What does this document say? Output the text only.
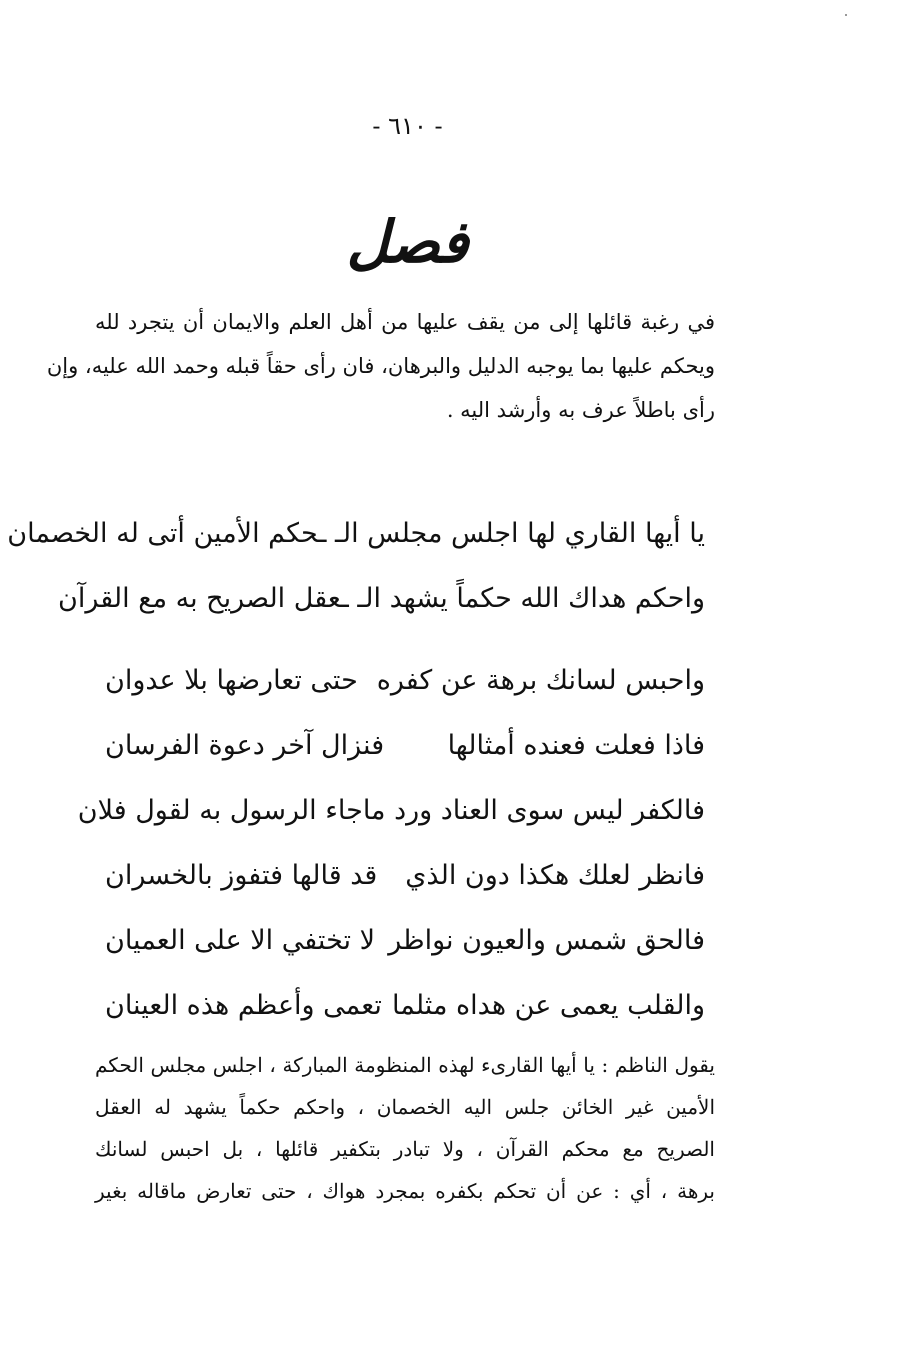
- ٦١٠ -
فصل
في رغبة قائلها إلى من يقف عليها من أهل العلم والايمان أن يتجرد لله
ويحكم عليها بما يوجبه الدليل والبرهان، فان رأى حقاً قبله وحمد الله عليه، وإن
رأى باطلاً عرف به وأرشد اليه .
يا أيها القاري لها اجلس مجلس الـ ـحكم الأمين أتى له الخصمان
واحكم هداك الله حكماً يشهد الـ ـعقل الصريح به مع القرآن
واحبس لسانك برهة عن كفره
حتى تعارضها بلا عدوان
فاذا فعلت فعنده أمثالها
فنزال آخر دعوة الفرسان
فالكفر ليس سوى العناد ورد ما
جاء الرسول به لقول فلان
فانظر لعلك هكذا دون الذي
قد قالها فتفوز بالخسران
فالحق شمس والعيون نواظر
لا تختفي الا على العميان
والقلب يعمى عن هداه مثلما
تعمى وأعظم هذه العينان
يقول الناظم : يا أيها القارىء لهذه المنظومة المباركة ، اجلس مجلس الحكم
الأمين غير الخائن جلس اليه الخصمان ، واحكم حكماً يشهد له العقل
الصريح مع محكم القرآن ، ولا تبادر بتكفير قائلها ، بل احبس لسانك
برهة ، أي : عن أن تحكم بكفره بمجرد هواك ، حتى تعارض ماقاله بغير
